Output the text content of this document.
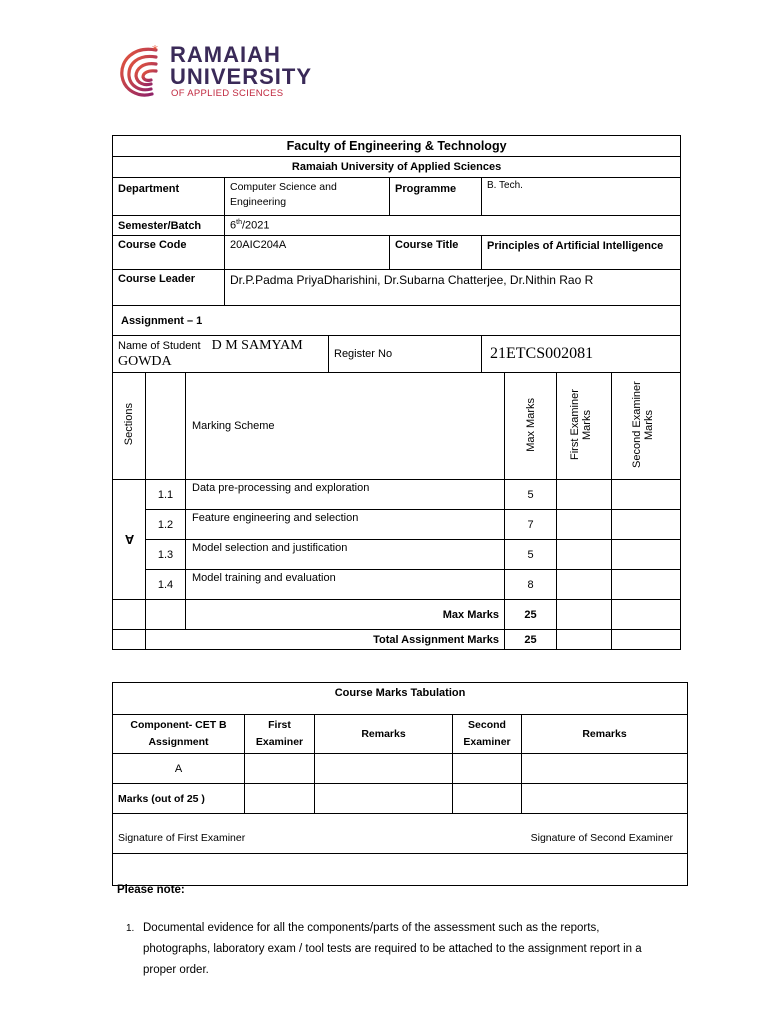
* RAMAIAH
UNIVERSITY
OF APPLIED SCIENCES
Faculty of Engineering & Technology									
Ramaiah University of Applied Sciences									
Department			Computer Science and Engineering		Programme	B. Tech.			
Semester/Batch			6th/2021						
Course Code			20AIC204A		Course Title	Principles of Artificial Intelligence			
Course Leader			Dr.P.Padma PriyaDharishini, Dr.Subarna Chatterjee, Dr.Nithin Rao R						
Assignment – 1									
Name of Student D M SAMYAM GOWDA				Register No		21ETCS002081			
Sections		Marking Scheme					Max Marks	First Examiner Marks	Second Examiner Marks
A	1.1	Data pre-processing and exploration					5		
	1.2	Feature engineering and selection					7		
	1.3	Model selection and justification					5		
	1.4	Model training and evaluation					8		
		Max Marks					25		
	Total Assignment Marks						25		
Course Marks Tabulation				
Component- CET B Assignment	First Examiner	Remarks	Second Examiner	Remarks
A				
Marks (out of 25 )				
Signature of First Examiner Signature of Second Examiner				

Please note:
1. Documental evidence for all the components/parts of the assessment such as the reports, photographs, laboratory exam / tool tests are required to be attached to the assignment report in a proper order.
